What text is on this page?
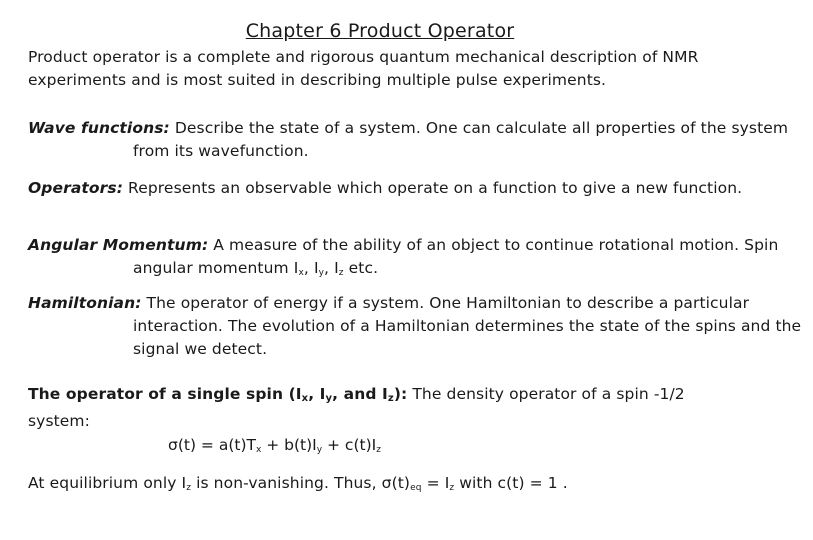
Chapter 6 Product Operator
Product operator is a complete and rigorous quantum mechanical description of NMR experiments and is most suited in describing multiple pulse experiments.
Wave functions: Describe the state of a system. One can calculate all properties of the system from its wavefunction.
Operators: Represents an observable which operate on a function to give a new function.
Angular Momentum: A measure of the ability of an object to continue rotational motion. Spin angular momentum $I_x$, $I_y$, $I_z$ etc.
Hamiltonian: The operator of energy if a system. One Hamiltonian to describe a particular interaction. The evolution of a Hamiltonian determines the state of the spins and the signal we detect.
The operator of a single spin ($I_x$, $I_y$, and $I_z$): The density operator of a spin -1/2 system:
$\sigma(t) = a(t)T_x + b(t)I_y + c(t)I_z$
At equilibrium only $I_z$ is non-vanishing. Thus, $\sigma(t)_{eq} = I_z$ with c(t) = 1 .
